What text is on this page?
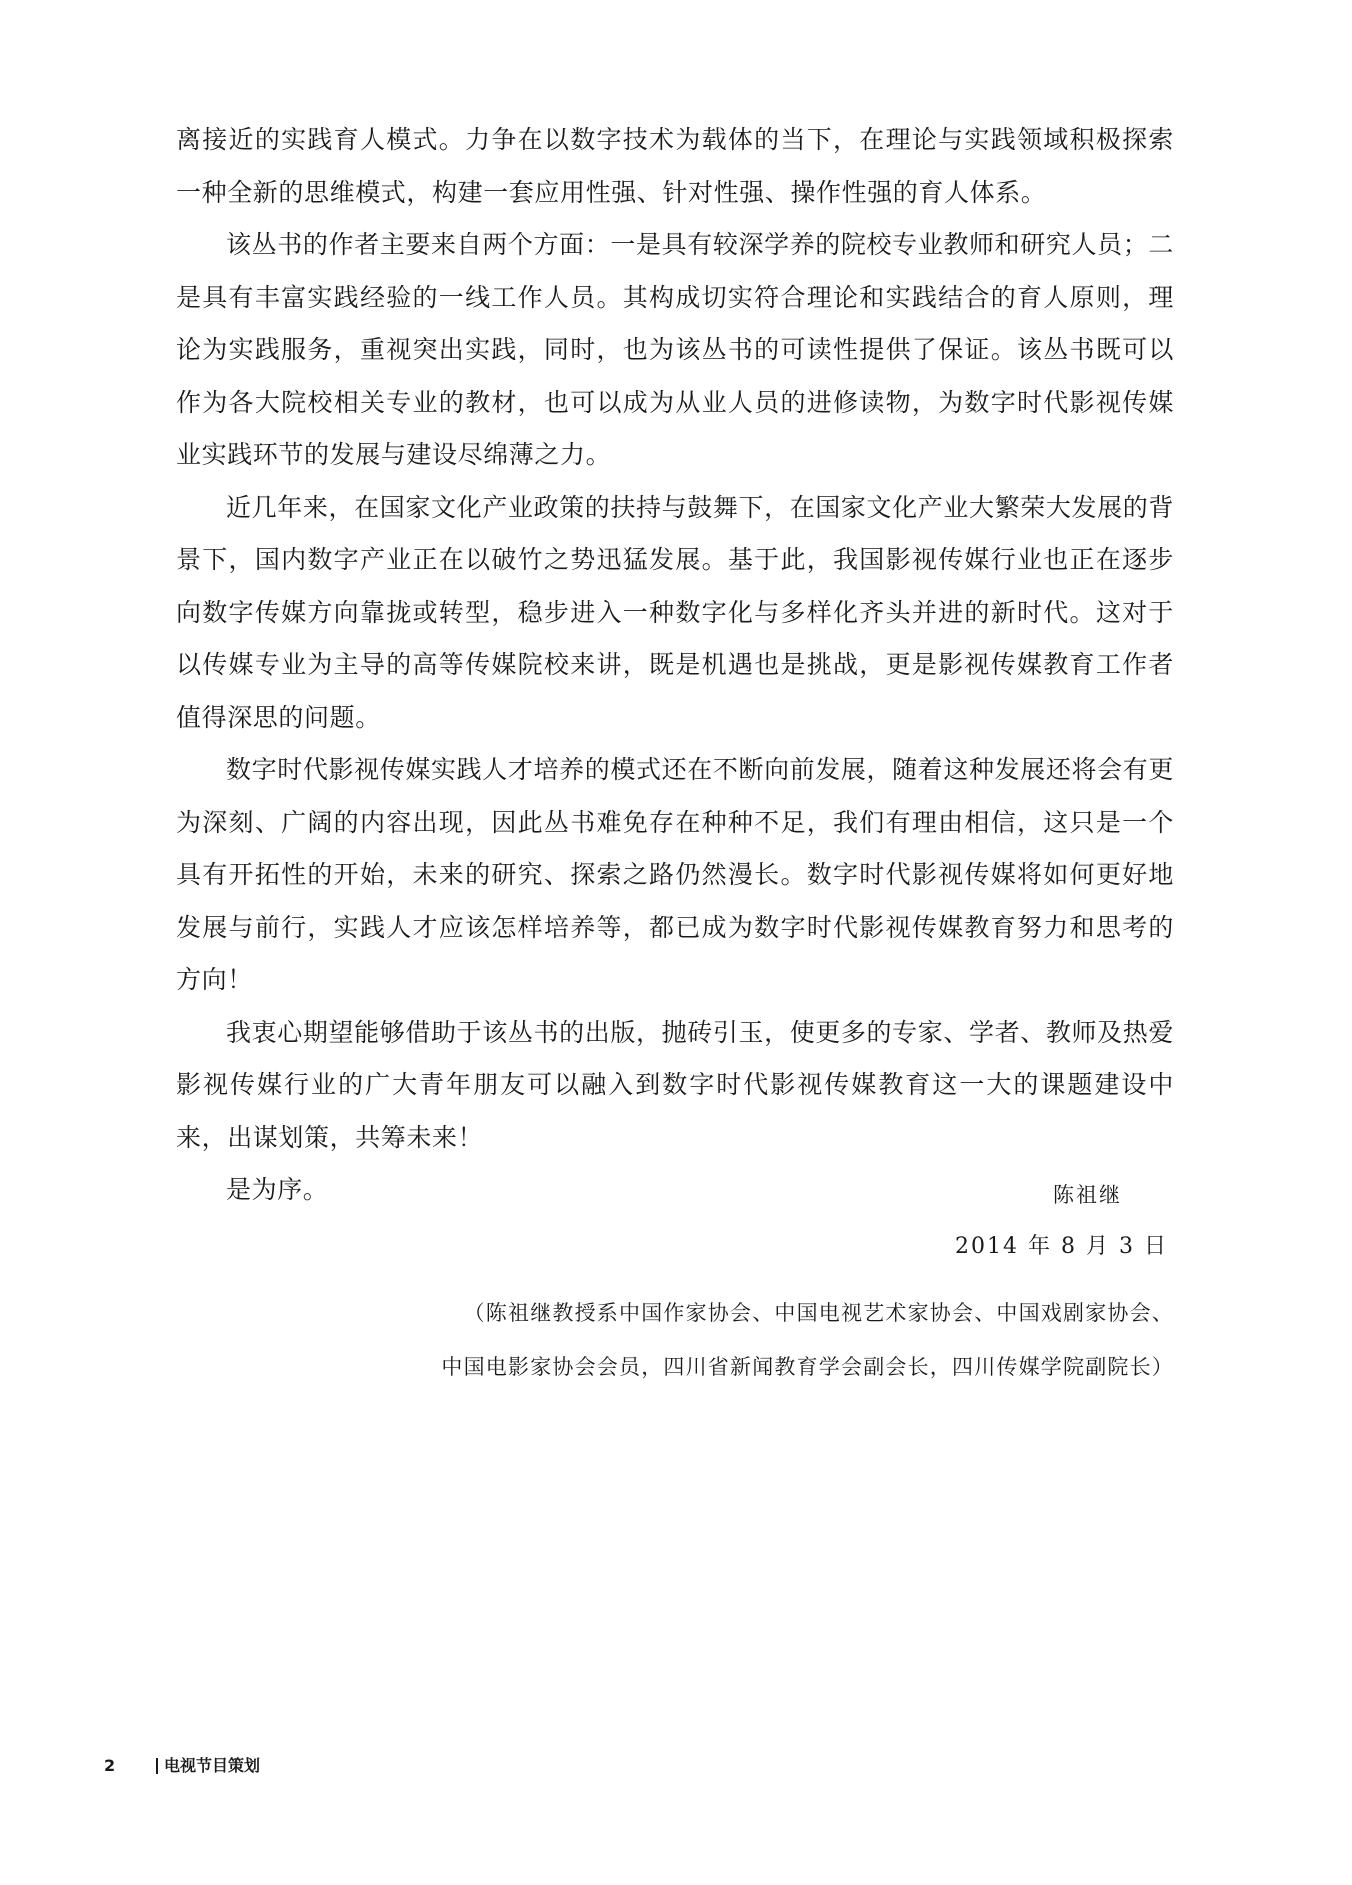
离接近的实践育人模式。力争在以数字技术为载体的当下，在理论与实践领域积极探索一种全新的思维模式，构建一套应用性强、针对性强、操作性强的育人体系。

该丛书的作者主要来自两个方面：一是具有较深学养的院校专业教师和研究人员；二是具有丰富实践经验的一线工作人员。其构成切实符合理论和实践结合的育人原则，理论为实践服务，重视突出实践，同时，也为该丛书的可读性提供了保证。该丛书既可以作为各大院校相关专业的教材，也可以成为从业人员的进修读物，为数字时代影视传媒业实践环节的发展与建设尽绵薄之力。

近几年来，在国家文化产业政策的扶持与鼓舞下，在国家文化产业大繁荣大发展的背景下，国内数字产业正在以破竹之势迅猛发展。基于此，我国影视传媒行业也正在逐步向数字传媒方向靠拢或转型，稳步进入一种数字化与多样化齐头并进的新时代。这对于以传媒专业为主导的高等传媒院校来讲，既是机遇也是挑战，更是影视传媒教育工作者值得深思的问题。

数字时代影视传媒实践人才培养的模式还在不断向前发展，随着这种发展还将会有更为深刻、广阔的内容出现，因此丛书难免存在种种不足，我们有理由相信，这只是一个具有开拓性的开始，未来的研究、探索之路仍然漫长。数字时代影视传媒将如何更好地发展与前行，实践人才应该怎样培养等，都已成为数字时代影视传媒教育努力和思考的方向！

我衷心期望能够借助于该丛书的出版，抛砖引玉，使更多的专家、学者、教师及热爱影视传媒行业的广大青年朋友可以融入到数字时代影视传媒教育这一大的课题建设中来，出谋划策，共筹未来！

是为序。	陈祖继
2014 年 8 月 3 日
（陈祖继教授系中国作家协会、中国电视艺术家协会、中国戏剧家协会、
中国电影家协会会员，四川省新闻教育学会副会长，四川传媒学院副院长）
2	电视节目策划
